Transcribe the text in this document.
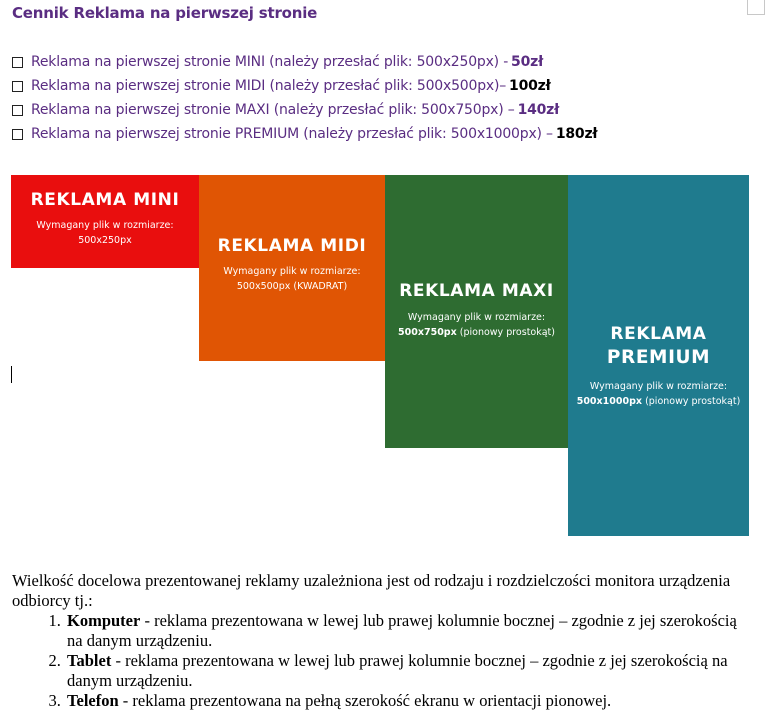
Cennik Reklama na pierwszej stronie
Reklama na pierwszej stronie MINI (należy przesłać plik: 500x250px) - 50zł
Reklama na pierwszej stronie MIDI (należy przesłać plik: 500x500px)– 100zł
Reklama na pierwszej stronie MAXI (należy przesłać plik: 500x750px) – 140zł
Reklama na pierwszej stronie PREMIUM (należy przesłać plik: 500x1000px) – 180zł
REKLAMA MINI
Wymagany plik w rozmiarze:
500x250px	REKLAMA MIDI
Wymagany plik w rozmiarze:
500x500px (KWADRAT)	REKLAMA MAXI
Wymagany plik w rozmiarze:
500x750px (pionowy prostokąt)	REKLAMA
PREMIUM
Wymagany plik w rozmiarze:
500x1000px (pionowy prostokąt)

Wielkość docelowa prezentowanej reklamy uzależniona jest od rodzaju i rozdzielczości monitora urządzenia odbiorcy tj.:

1. Komputer - reklama prezentowana w lewej lub prawej kolumnie bocznej – zgodnie z jej szerokością na danym urządzeniu.
2. Tablet - reklama prezentowana w lewej lub prawej kolumnie bocznej – zgodnie z jej szerokością na danym urządzeniu.
3. Telefon - reklama prezentowana na pełną szerokość ekranu w orientacji pionowej.
